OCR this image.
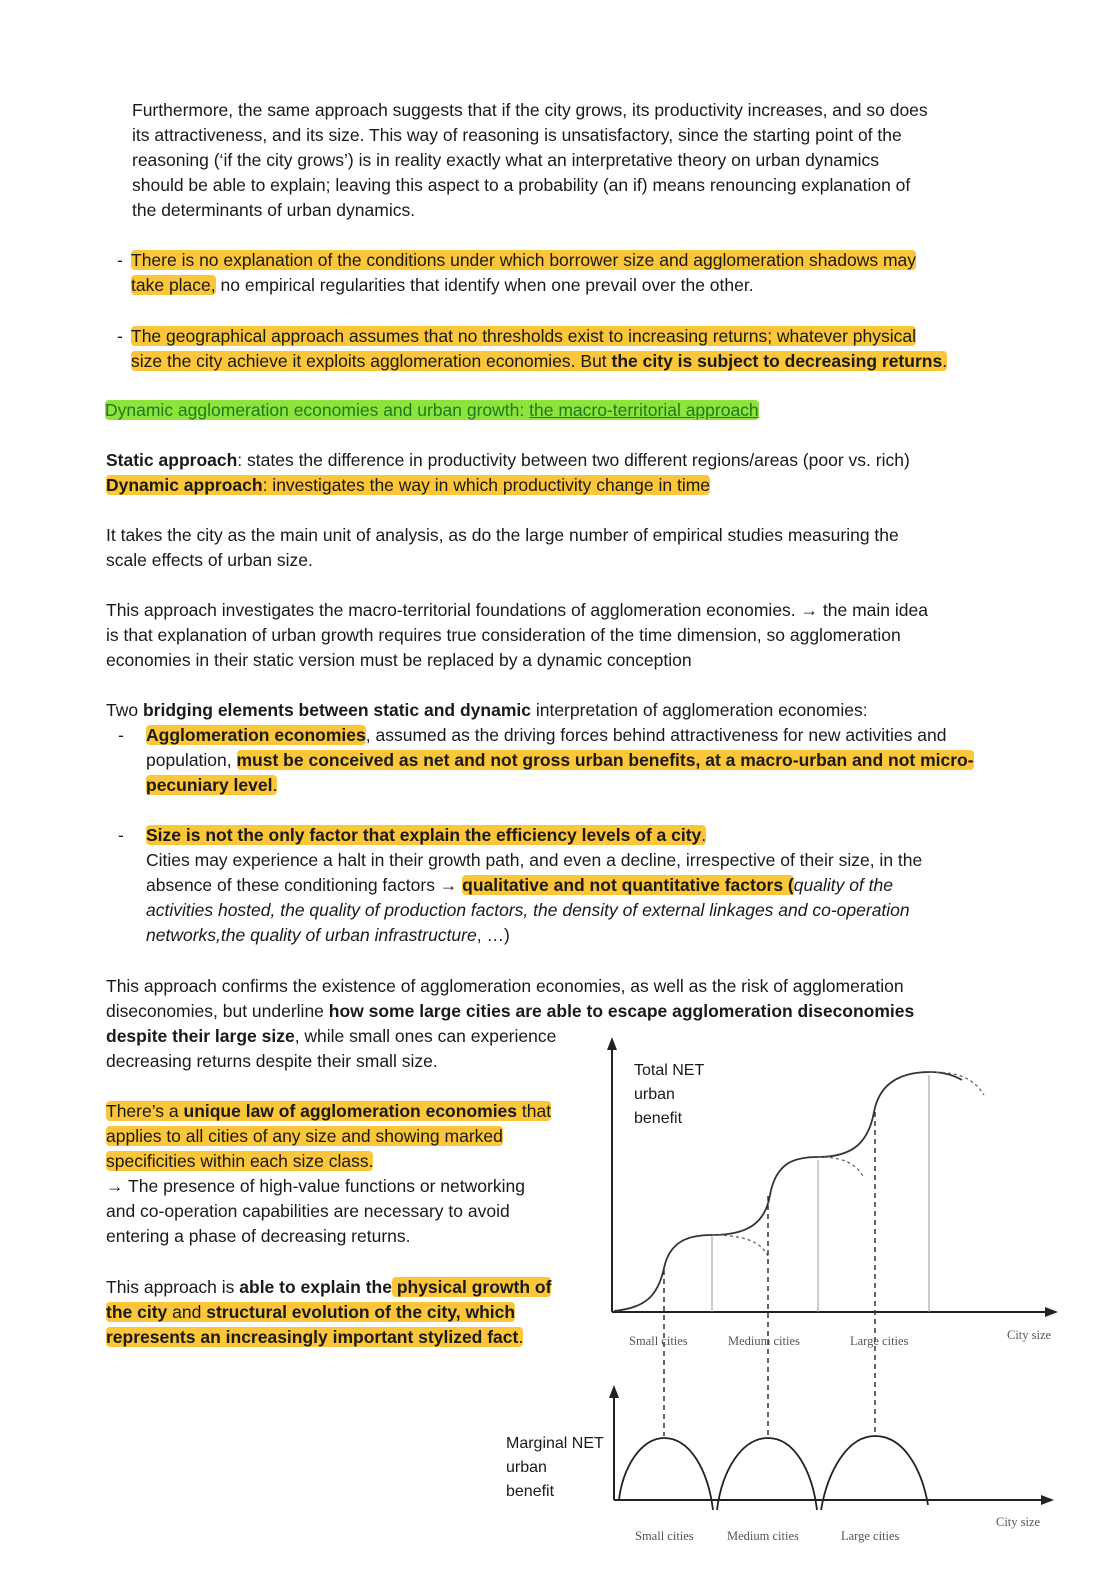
Furthermore, the same approach suggests that if the city grows, its productivity increases, and so does
its attractiveness, and its size. This way of reasoning is unsatisfactory, since the starting point of the
reasoning (‘if the city grows’) is in reality exactly what an interpretative theory on urban dynamics
should be able to explain; leaving this aspect to a probability (an if) means renouncing explanation of
the determinants of urban dynamics.
- There is no explanation of the conditions under which borrower size and agglomeration shadows may
take place, no empirical regularities that identify when one prevail over the other.
- The geographical approach assumes that no thresholds exist to increasing returns; whatever physical
size the city achieve it exploits agglomeration economies. But the city is subject to decreasing returns.
Dynamic agglomeration economies and urban growth: the macro-territorial approach
Static approach: states the difference in productivity between two different regions/areas (poor vs. rich)
Dynamic approach: investigates the way in which productivity change in time
It takes the city as the main unit of analysis, as do the large number of empirical studies measuring the
scale effects of urban size.
This approach investigates the macro-territorial foundations of agglomeration economies. → the main idea
is that explanation of urban growth requires true consideration of the time dimension, so agglomeration
economies in their static version must be replaced by a dynamic conception
Two bridging elements between static and dynamic interpretation of agglomeration economies:
- Agglomeration economies, assumed as the driving forces behind attractiveness for new activities and
population, must be conceived as net and not gross urban benefits, at a macro-urban and not micro-
pecuniary level.
- Size is not the only factor that explain the efficiency levels of a city.
Cities may experience a halt in their growth path, and even a decline, irrespective of their size, in the
absence of these conditioning factors → qualitative and not quantitative factors (quality of the
activities hosted, the quality of production factors, the density of external linkages and co-operation
networks,the quality of urban infrastructure, …)
This approach confirms the existence of agglomeration economies, as well as the risk of agglomeration
diseconomies, but underline how some large cities are able to escape agglomeration diseconomies
despite their large size, while small ones can experience
decreasing returns despite their small size.
There’s a unique law of agglomeration economies that
applies to all cities of any size and showing marked
specificities within each size class.
→ The presence of high-value functions or networking
and co-operation capabilities are necessary to avoid
entering a phase of decreasing returns.
This approach is able to explain the physical growth of
the city and structural evolution of the city, which
represents an increasingly important stylized fact.
Total NET
urban
benefit
Marginal NET
urban
benefit
Small cities	Medium cities	Large cities	City size
Small cities	Medium cities	Large cities
City size
